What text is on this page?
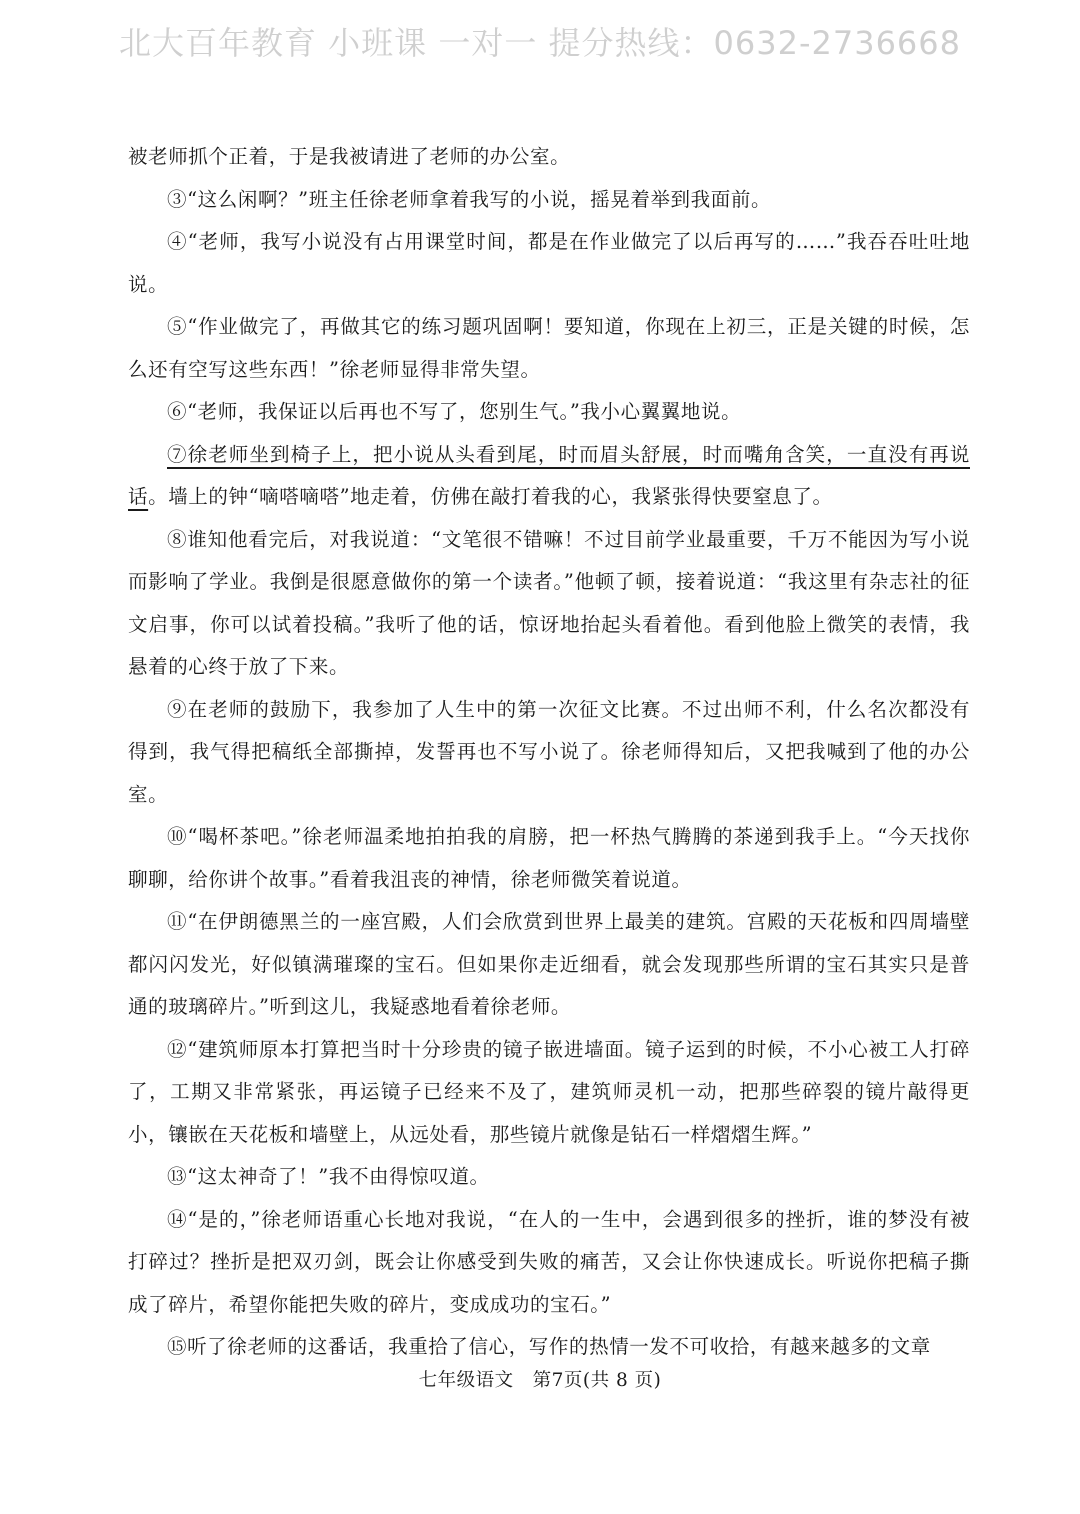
北大百年教育 小班课 一对一 提分热线：0632-2736668

被老师抓个正着，于是我被请进了老师的办公室。

③“这么闲啊？”班主任徐老师拿着我写的小说，摇晃着举到我面前。

④“老师，我写小说没有占用课堂时间，都是在作业做完了以后再写的……”我吞吞吐吐地说。

⑤“作业做完了，再做其它的练习题巩固啊！要知道，你现在上初三，正是关键的时候，怎么还有空写这些东西！”徐老师显得非常失望。

⑥“老师，我保证以后再也不写了，您别生气。”我小心翼翼地说。

⑦徐老师坐到椅子上，把小说从头看到尾，时而眉头舒展，时而嘴角含笑，一直没有再说话。墙上的钟“嘀嗒嘀嗒”地走着，仿佛在敲打着我的心，我紧张得快要窒息了。

⑧谁知他看完后，对我说道：“文笔很不错嘛！不过目前学业最重要，千万不能因为写小说而影响了学业。我倒是很愿意做你的第一个读者。”他顿了顿，接着说道：“我这里有杂志社的征文启事，你可以试着投稿。”我听了他的话，惊讶地抬起头看着他。看到他脸上微笑的表情，我悬着的心终于放了下来。

⑨在老师的鼓励下，我参加了人生中的第一次征文比赛。不过出师不利，什么名次都没有得到，我气得把稿纸全部撕掉，发誓再也不写小说了。徐老师得知后，又把我喊到了他的办公室。

⑩“喝杯茶吧。”徐老师温柔地拍拍我的肩膀，把一杯热气腾腾的茶递到我手上。“今天找你聊聊，给你讲个故事。”看着我沮丧的神情，徐老师微笑着说道。

⑪“在伊朗德黑兰的一座宫殿，人们会欣赏到世界上最美的建筑。宫殿的天花板和四周墙壁都闪闪发光，好似镇满璀璨的宝石。但如果你走近细看，就会发现那些所谓的宝石其实只是普通的玻璃碎片。”听到这儿，我疑惑地看着徐老师。

⑫“建筑师原本打算把当时十分珍贵的镜子嵌进墙面。镜子运到的时候，不小心被工人打碎了，工期又非常紧张，再运镜子已经来不及了，建筑师灵机一动，把那些碎裂的镜片敲得更小，镶嵌在天花板和墙壁上，从远处看，那些镜片就像是钻石一样熠熠生辉。”

⑬“这太神奇了！”我不由得惊叹道。

⑭“是的，”徐老师语重心长地对我说，“在人的一生中，会遇到很多的挫折，谁的梦没有被打碎过？挫折是把双刃剑，既会让你感受到失败的痛苦，又会让你快速成长。听说你把稿子撕成了碎片，希望你能把失败的碎片，变成成功的宝石。”

⑮听了徐老师的这番话，我重拾了信心，写作的热情一发不可收拾，有越来越多的文章

七年级语文　第7页(共 8 页)
